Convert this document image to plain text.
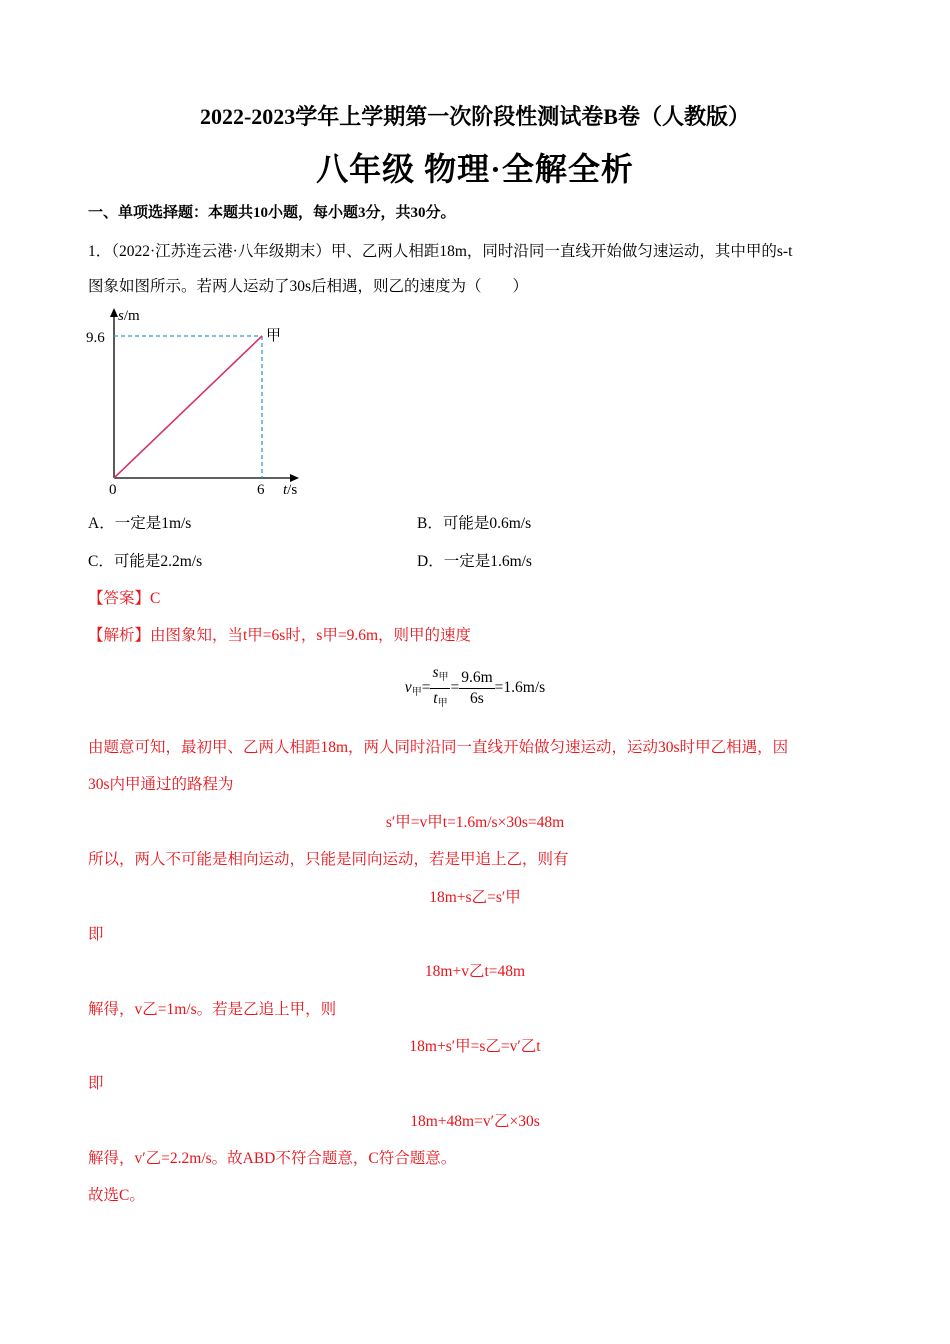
2022-2023学年上学期第一次阶段性测试卷B卷（人教版）
八年级 物理·全解全析
一、单项选择题：本题共10小题，每小题3分，共30分。
1．（2022·江苏连云港·八年级期末）甲、乙两人相距18m，同时沿同一直线开始做匀速运动，其中甲的s-t
图象如图所示。若两人运动了30s后相遇，则乙的速度为（　　）
s/m
9.6
0	6 t/s
甲
A．一定是1m/s	B．可能是0.6m/s
C．可能是2.2m/s	D．一定是1.6m/s
【答案】C
【解析】由图象知，当t甲=6s时，s甲=9.6m，则甲的速度
$v_甲= \frac{s_甲}{t_甲} = \frac{9.6m}{6s} =1.6m/s$
由题意可知，最初甲、乙两人相距18m，两人同时沿同一直线开始做匀速运动，运动30s时甲乙相遇，因
30s内甲通过的路程为
s′甲=v甲t=1.6m/s×30s=48m
所以，两人不可能是相向运动，只能是同向运动，若是甲追上乙，则有
18m+s乙=s′甲
即
18m+v乙t=48m
解得，v乙=1m/s。若是乙追上甲，则
18m+s′甲=s乙=v′乙t
即
18m+48m=v′乙×30s
解得，v′乙=2.2m/s。故ABD不符合题意，C符合题意。
故选C。
